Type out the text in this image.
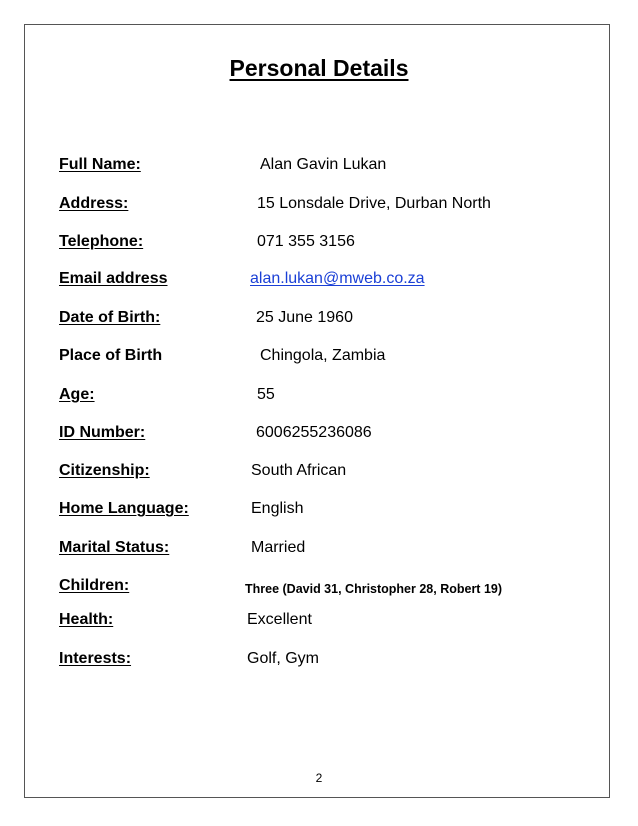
Personal Details
Full Name:	Alan Gavin Lukan
Address:	15 Lonsdale Drive, Durban North
Telephone:	071 355 3156
Email address	alan.lukan@mweb.co.za
Date of Birth:	25 June 1960
Place of Birth	Chingola, Zambia
Age:	55
ID Number:	6006255236086
Citizenship:	South African
Home Language:	English
Marital Status:	Married
Children:	Three (David 31, Christopher 28, Robert 19)
Health:	Excellent
Interests:	Golf, Gym
2
